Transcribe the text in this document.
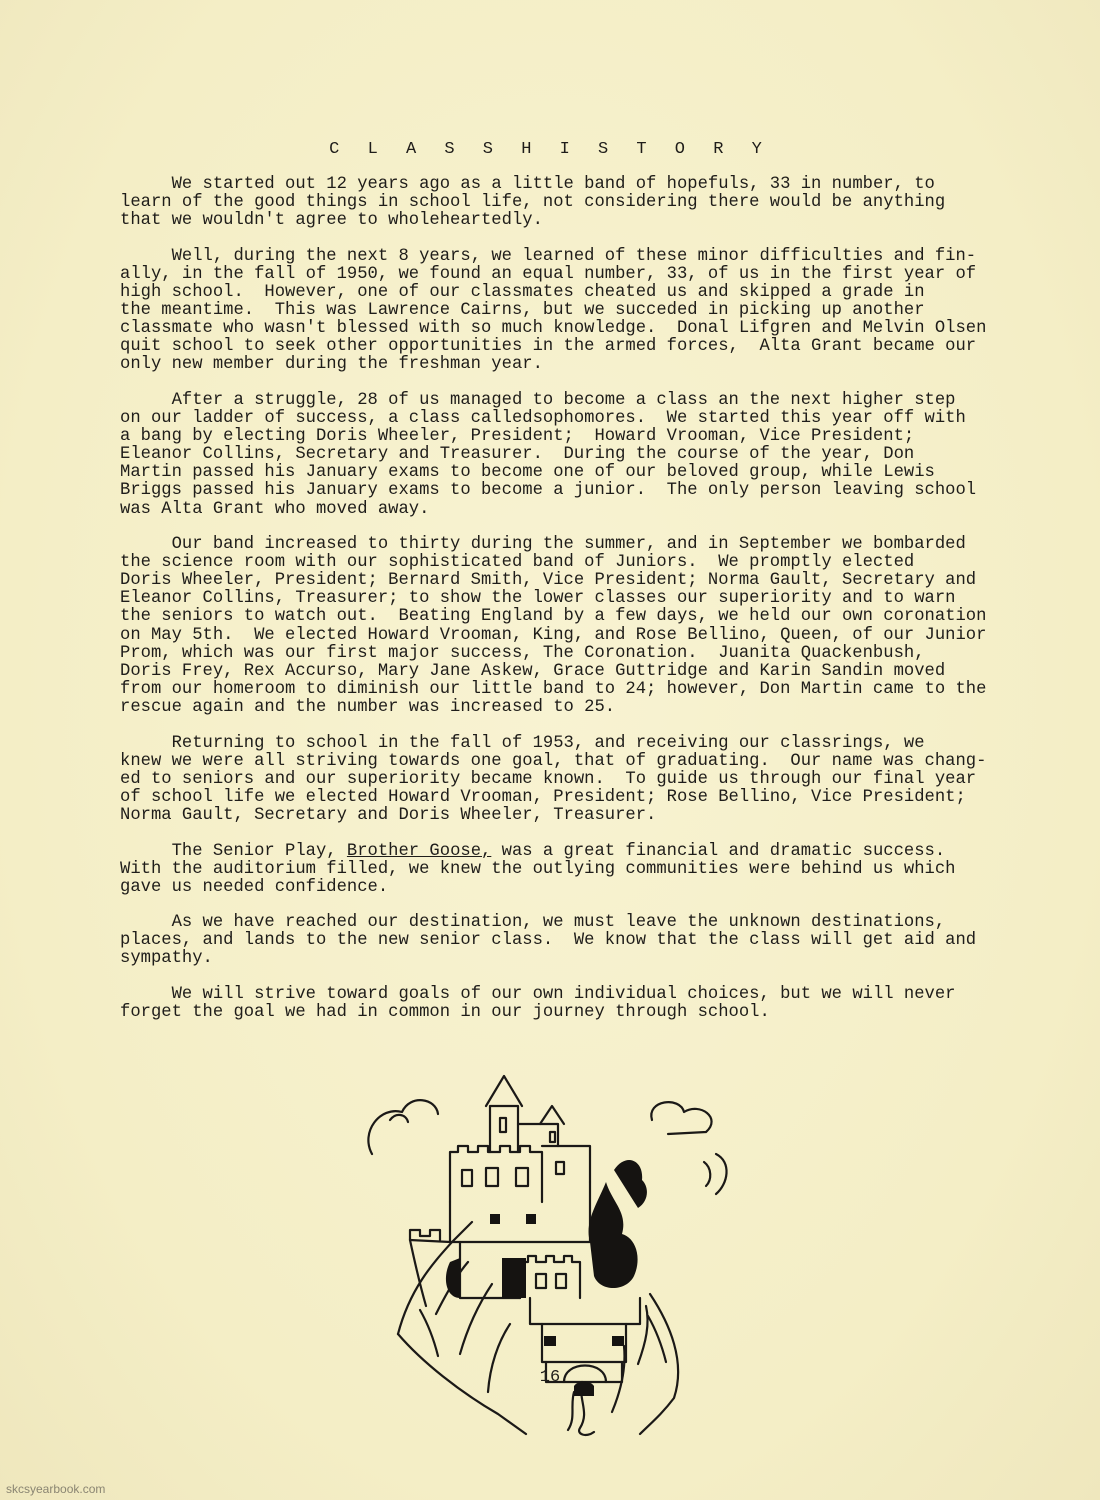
C L A S S H I S T O R Y

We started out 12 years ago as a little band of hopefuls, 33 in number, to
learn of the good things in school life, not considering there would be anything
that we wouldn't agree to wholeheartedly.

Well, during the next 8 years, we learned of these minor difficulties and fin-
ally, in the fall of 1950, we found an equal number, 33, of us in the first year of
high school.  However, one of our classmates cheated us and skipped a grade in
the meantime.  This was Lawrence Cairns, but we succeded in picking up another
classmate who wasn't blessed with so much knowledge.  Donal Lifgren and Melvin Olsen
quit school to seek other opportunities in the armed forces,  Alta Grant became our
only new member during the freshman year.

After a struggle, 28 of us managed to become a class an the next higher step
on our ladder of success, a class calledsophomores.  We started this year off with
a bang by electing Doris Wheeler, President;  Howard Vrooman, Vice President;
Eleanor Collins, Secretary and Treasurer.  During the course of the year, Don
Martin passed his January exams to become one of our beloved group, while Lewis
Briggs passed his January exams to become a junior.  The only person leaving school
was Alta Grant who moved away.

Our band increased to thirty during the summer, and in September we bombarded
the science room with our sophisticated band of Juniors.  We promptly elected
Doris Wheeler, President; Bernard Smith, Vice President; Norma Gault, Secretary and
Eleanor Collins, Treasurer; to show the lower classes our superiority and to warn
the seniors to watch out.  Beating England by a few days, we held our own coronation
on May 5th.  We elected Howard Vrooman, King, and Rose Bellino, Queen, of our Junior
Prom, which was our first major success, The Coronation.  Juanita Quackenbush,
Doris Frey, Rex Accurso, Mary Jane Askew, Grace Guttridge and Karin Sandin moved
from our homeroom to diminish our little band to 24; however, Don Martin came to the
rescue again and the number was increased to 25.

Returning to school in the fall of 1953, and receiving our classrings, we
knew we were all striving towards one goal, that of graduating.  Our name was chang-
ed to seniors and our superiority became known.  To guide us through our final year
of school life we elected Howard Vrooman, President; Rose Bellino, Vice President;
Norma Gault, Secretary and Doris Wheeler, Treasurer.

The Senior Play, Brother Goose, was a great financial and dramatic success.
With the auditorium filled, we knew the outlying communities were behind us which
gave us needed confidence.

As we have reached our destination, we must leave the unknown destinations,
places, and lands to the new senior class.  We know that the class will get aid and
sympathy.

We will strive toward goals of our own individual choices, but we will never
forget the goal we had in common in our journey through school.

16
skcsyearbook.com
